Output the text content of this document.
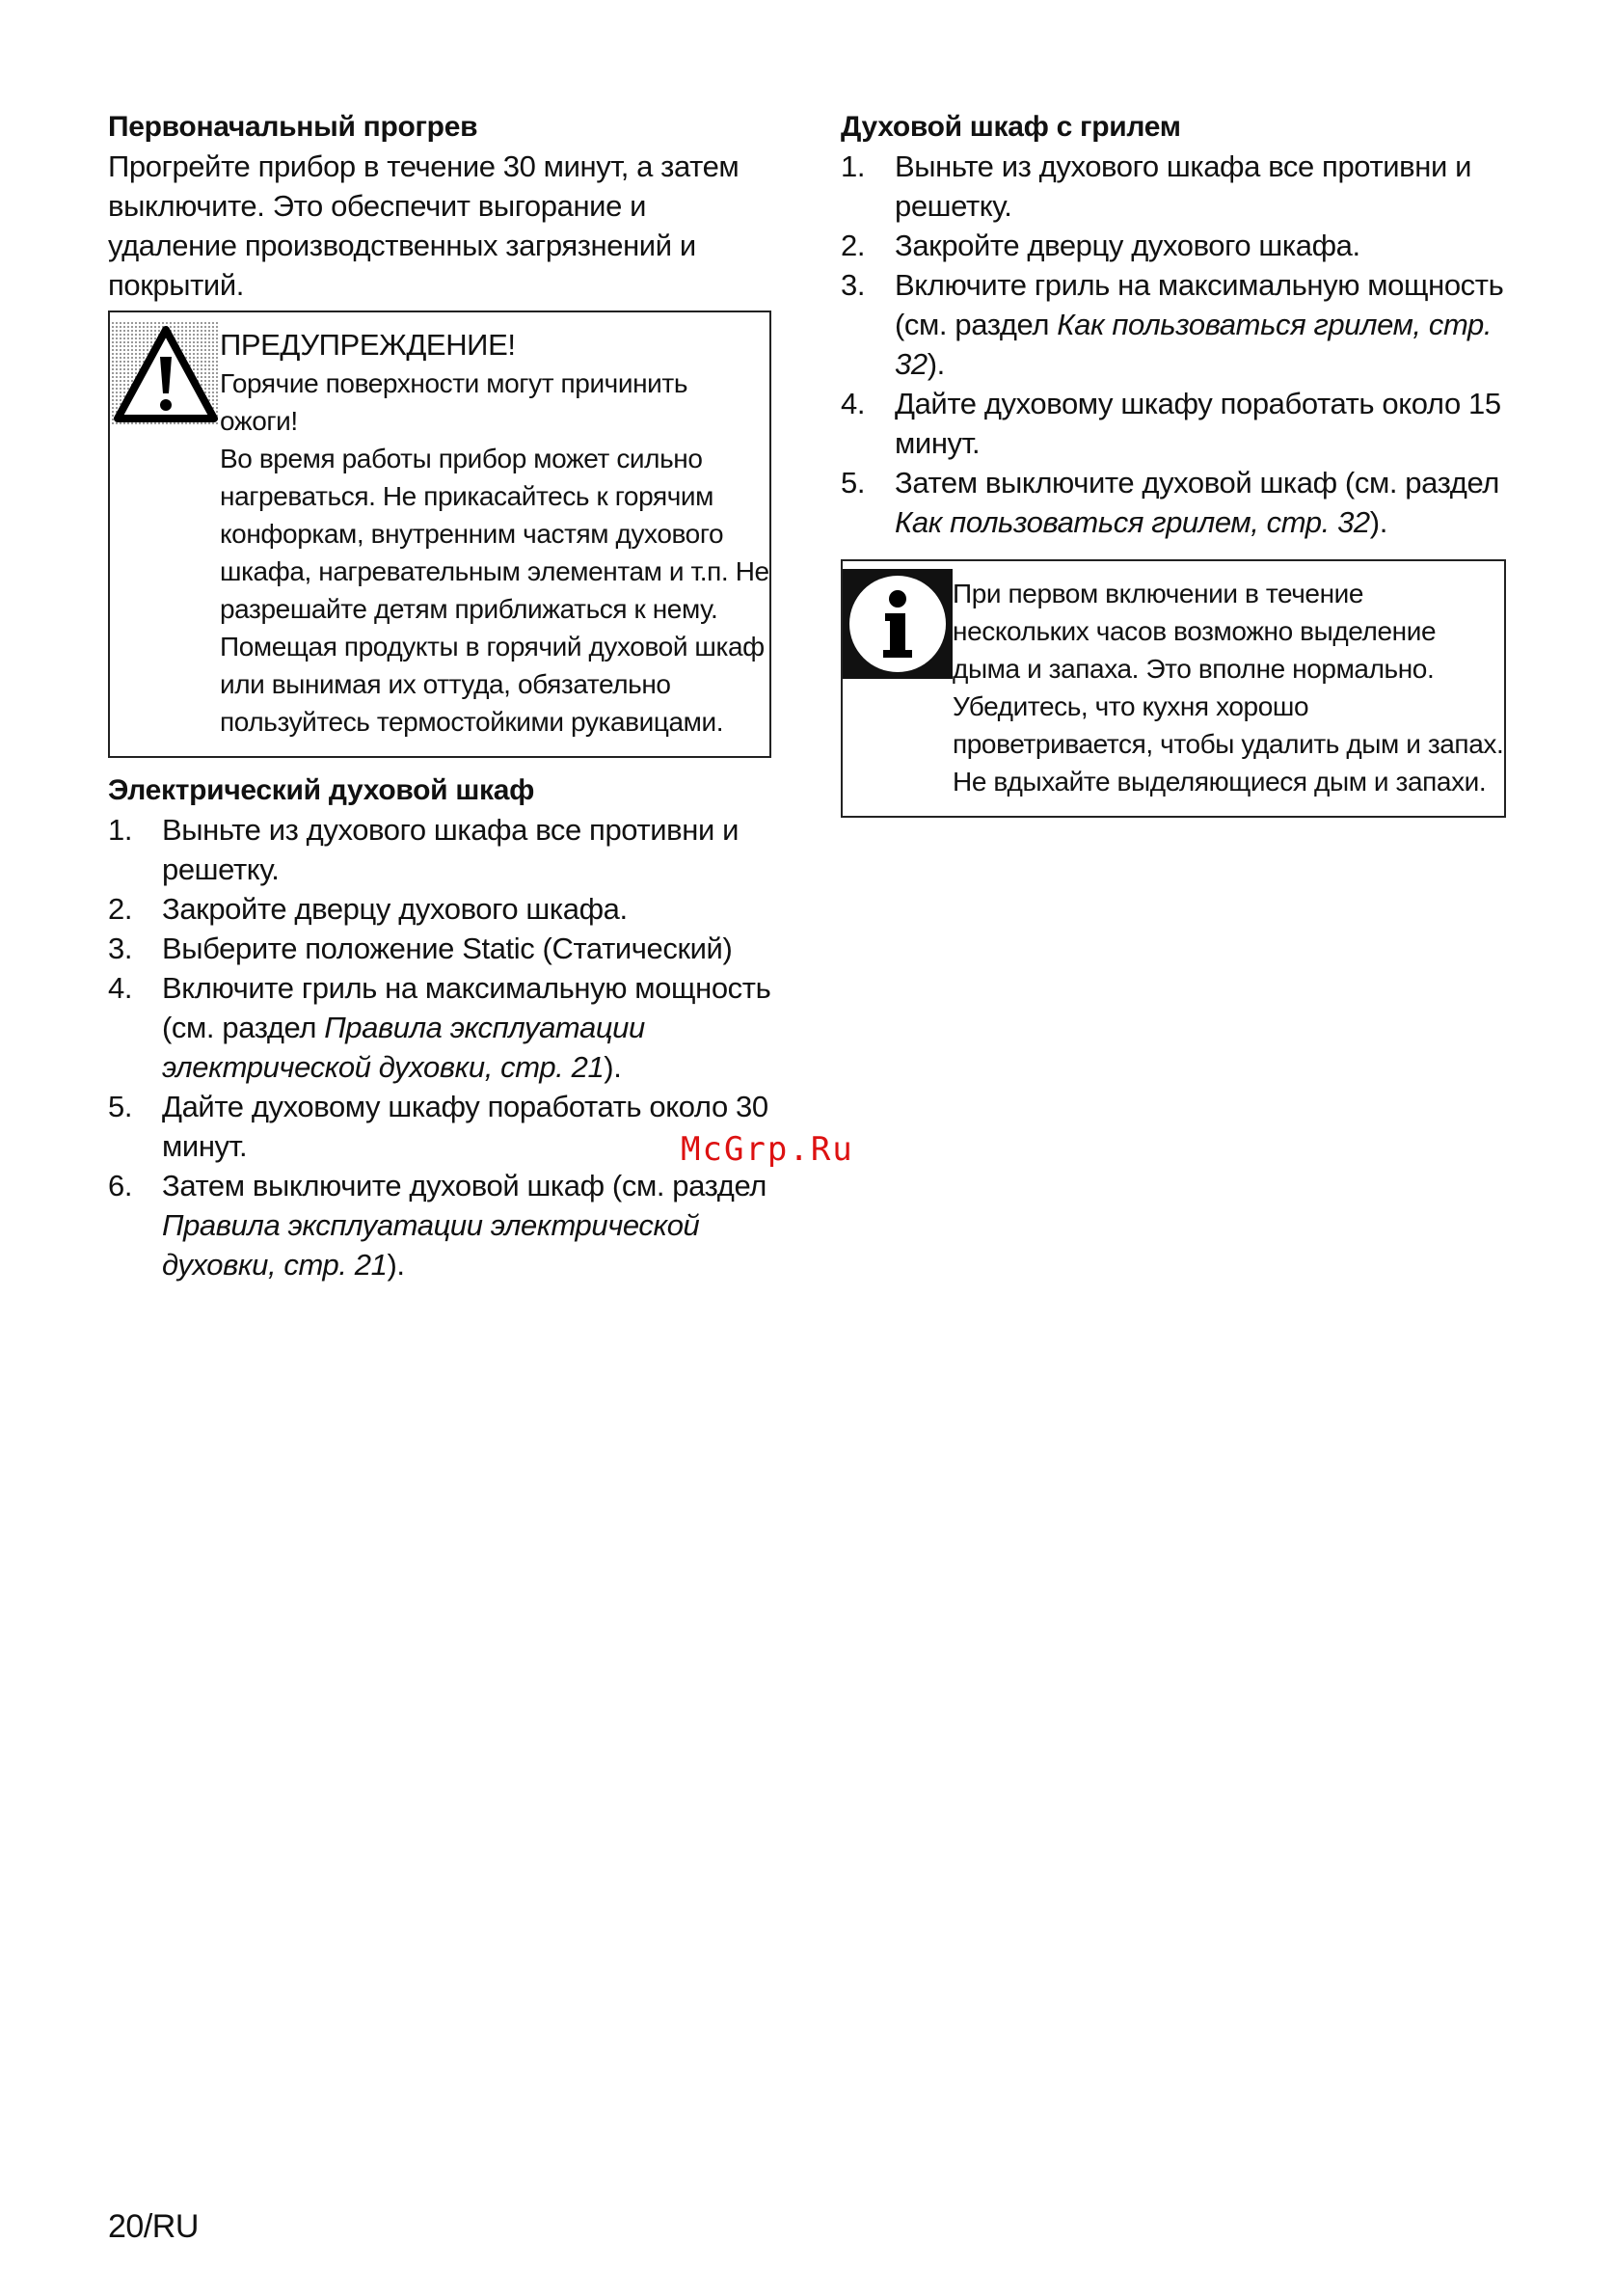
Первоначальный прогрев

Прогрейте прибор в течение 30 минут, а затем выключите. Это обеспечит выгорание и удаление производственных загрязнений и покрытий.

ПРЕДУПРЕЖДЕНИЕ!

Горячие поверхности могут причинить ожоги!

Во время работы прибор может сильно нагреваться. Не прикасайтесь к горячим конфоркам, внутренним частям духового шкафа, нагревательным элементам и т.п. Не разрешайте детям приближаться к нему.

Помещая продукты в горячий духовой шкаф или вынимая их оттуда, обязательно пользуйтесь термостойкими рукавицами.

Электрический духовой шкаф
1. Выньте из духового шкафа все противни и решетку.
2. Закройте дверцу духового шкафа.
3. Выберите положение Static (Статический)
4. Включите гриль на максимальную мощность (см. раздел Правила эксплуатации электрической духовки, стр. 21).
5. Дайте духовому шкафу поработать около 30 минут.
6. Затем выключите духовой шкаф (см. раздел Правила эксплуатации электрической духовки, стр. 21).
Духовой шкаф с грилем
1. Выньте из духового шкафа все противни и решетку.
2. Закройте дверцу духового шкафа.
3. Включите гриль на максимальную мощность (см. раздел Как пользоваться грилем, стр. 32).
4. Дайте духовому шкафу поработать около 15 минут.
5. Затем выключите духовой шкаф (см. раздел Как пользоваться грилем, стр. 32).

При первом включении в течение нескольких часов возможно выделение дыма и запаха. Это вполне нормально. Убедитесь, что кухня хорошо проветривается, чтобы удалить дым и запах. Не вдыхайте выделяющиеся дым и запахи.

McGrp.Ru
20/RU
